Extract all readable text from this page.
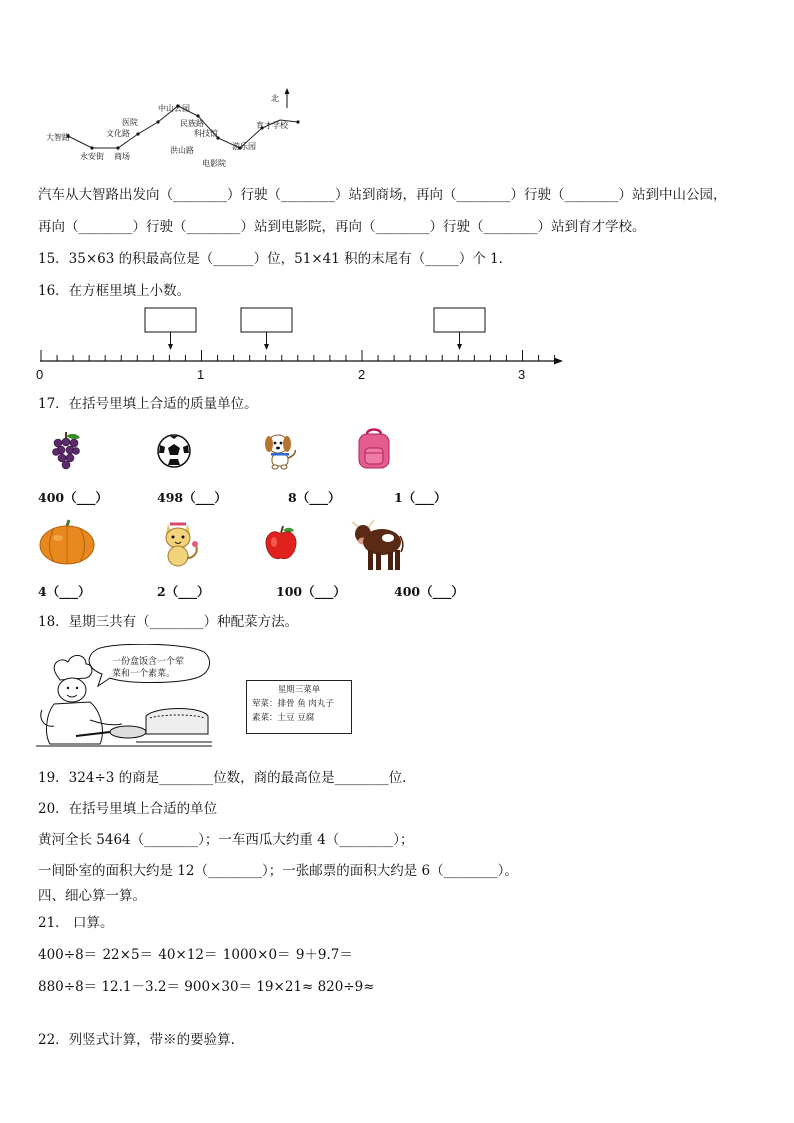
北
大智路
永安街 商场
文化路
医院
中山公园
民族路
科技馆
洪山路
电影院
游乐园
育才学校
汽车从大智路出发向（________）行驶（________）站到商场，再向（________）行驶（________）站到中山公园，
再向（________）行驶（________）站到电影院，再向（________）行驶（________）站到育才学校。
15．35×63 的积最高位是（______）位，51×41 积的末尾有（_____）个 1．
16．在方框里填上小数。
0	1	2	3
17．在括号里填上合适的质量单位。
400（___）	498（___）	8（___）	1（___）
4（___）	2（___）	100（___）	400（___）
18．星期三共有（________）种配菜方法。
一份盒饭含一个荤
菜和一个素菜。
星期三菜单
荤菜：排骨 鱼 肉丸子
素菜：土豆 豆腐
19．324÷3 的商是________位数，商的最高位是________位.
20．在括号里填上合适的单位
黄河全长 5464（________）；一车西瓜大约重 4（________）；
一间卧室的面积大约是 12（________）；一张邮票的面积大约是 6（________）。
四、细心算一算。
21． 口算。
400÷8＝ 22×5＝ 40×12＝ 1000×0＝ 9＋9.7＝
880÷8＝ 12.1－3.2＝ 900×30＝ 19×21≈ 820÷9≈
22．列竖式计算，带※的要验算.
